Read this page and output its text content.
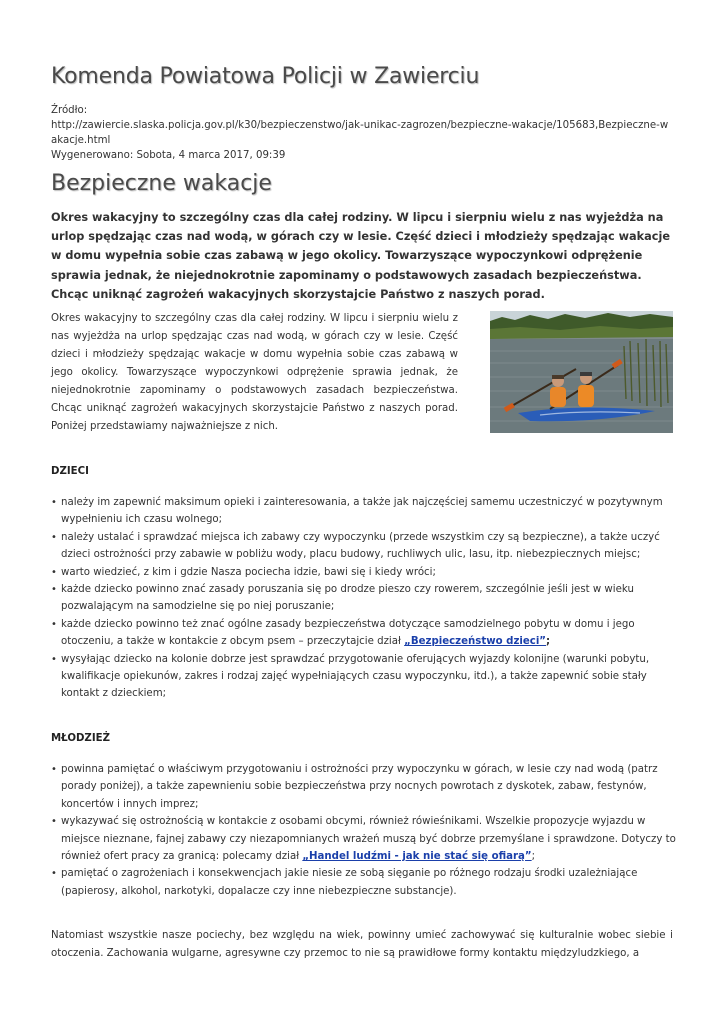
Komenda Powiatowa Policji w Zawierciu
Źródło:
http://zawiercie.slaska.policja.gov.pl/k30/bezpieczenstwo/jak-unikac-zagrozen/bezpieczne-wakacje/105683,Bezpieczne-wakacje.html
Wygenerowano: Sobota, 4 marca 2017, 09:39
Bezpieczne wakacje
Okres wakacyjny to szczególny czas dla całej rodziny. W lipcu i sierpniu wielu z nas wyjeżdża na urlop spędzając czas nad wodą, w górach czy w lesie. Część dzieci i młodzieży spędzając wakacje w domu wypełnia sobie czas zabawą w jego okolicy. Towarzyszące wypoczynkowi odprężenie sprawia jednak, że niejednokrotnie zapominamy o podstawowych zasadach bezpieczeństwa. Chcąc uniknąć zagrożeń wakacyjnych skorzystajcie Państwo z naszych porad.
Okres wakacyjny to szczególny czas dla całej rodziny. W lipcu i sierpniu wielu z nas wyjeżdża na urlop spędzając czas nad wodą, w górach czy w lesie. Część dzieci i młodzieży spędzając wakacje w domu wypełnia sobie czas zabawą w jego okolicy. Towarzyszące wypoczynkowi odprężenie sprawia jednak, że niejednokrotnie zapominamy o podstawowych zasadach bezpieczeństwa. Chcąc uniknąć zagrożeń wakacyjnych skorzystajcie Państwo z naszych porad. Poniżej przedstawiamy najważniejsze z nich.
DZIECI
• należy im zapewnić maksimum opieki i zainteresowania, a także jak najczęściej samemu uczestniczyć w pozytywnym wypełnieniu ich czasu wolnego;
• należy ustalać i sprawdzać miejsca ich zabawy czy wypoczynku (przede wszystkim czy są bezpieczne), a także uczyć dzieci ostrożności przy zabawie w pobliżu wody, placu budowy, ruchliwych ulic, lasu, itp. niebezpiecznych miejsc;
• warto wiedzieć, z kim i gdzie Nasza pociecha idzie, bawi się i kiedy wróci;
• każde dziecko powinno znać zasady poruszania się po drodze pieszo czy rowerem, szczególnie jeśli jest w wieku pozwalającym na samodzielne się po niej poruszanie;
• każde dziecko powinno też znać ogólne zasady bezpieczeństwa dotyczące samodzielnego pobytu w domu i jego otoczeniu, a także w kontakcie z obcym psem – przeczytajcie dział „Bezpieczeństwo dzieci”;
• wysyłając dziecko na kolonie dobrze jest sprawdzać przygotowanie oferujących wyjazdy kolonijne (warunki pobytu, kwalifikacje opiekunów, zakres i rodzaj zajęć wypełniających czasu wypoczynku, itd.), a także zapewnić sobie stały kontakt z dzieckiem;
MŁODZIEŻ
• powinna pamiętać o właściwym przygotowaniu i ostrożności przy wypoczynku w górach, w lesie czy nad wodą (patrz porady poniżej), a także zapewnieniu sobie bezpieczeństwa przy nocnych powrotach z dyskotek, zabaw, festynów, koncertów i innych imprez;
• wykazywać się ostrożnością w kontakcie z osobami obcymi, również rówieśnikami. Wszelkie propozycje wyjazdu w miejsce nieznane, fajnej zabawy czy niezapomnianych wrażeń muszą być dobrze przemyślane i sprawdzone. Dotyczy to również ofert pracy za granicą: polecamy dział „Handel ludźmi - jak nie stać się ofiarą”;
• pamiętać o zagrożeniach i konsekwencjach jakie niesie ze sobą sięganie po różnego rodzaju środki uzależniające (papierosy, alkohol, narkotyki, dopalacze czy inne niebezpieczne substancje).
Natomiast wszystkie nasze pociechy, bez względu na wiek, powinny umieć zachowywać się kulturalnie wobec siebie i otoczenia. Zachowania wulgarne, agresywne czy przemoc to nie są prawidłowe formy kontaktu międzyludzkiego, a
